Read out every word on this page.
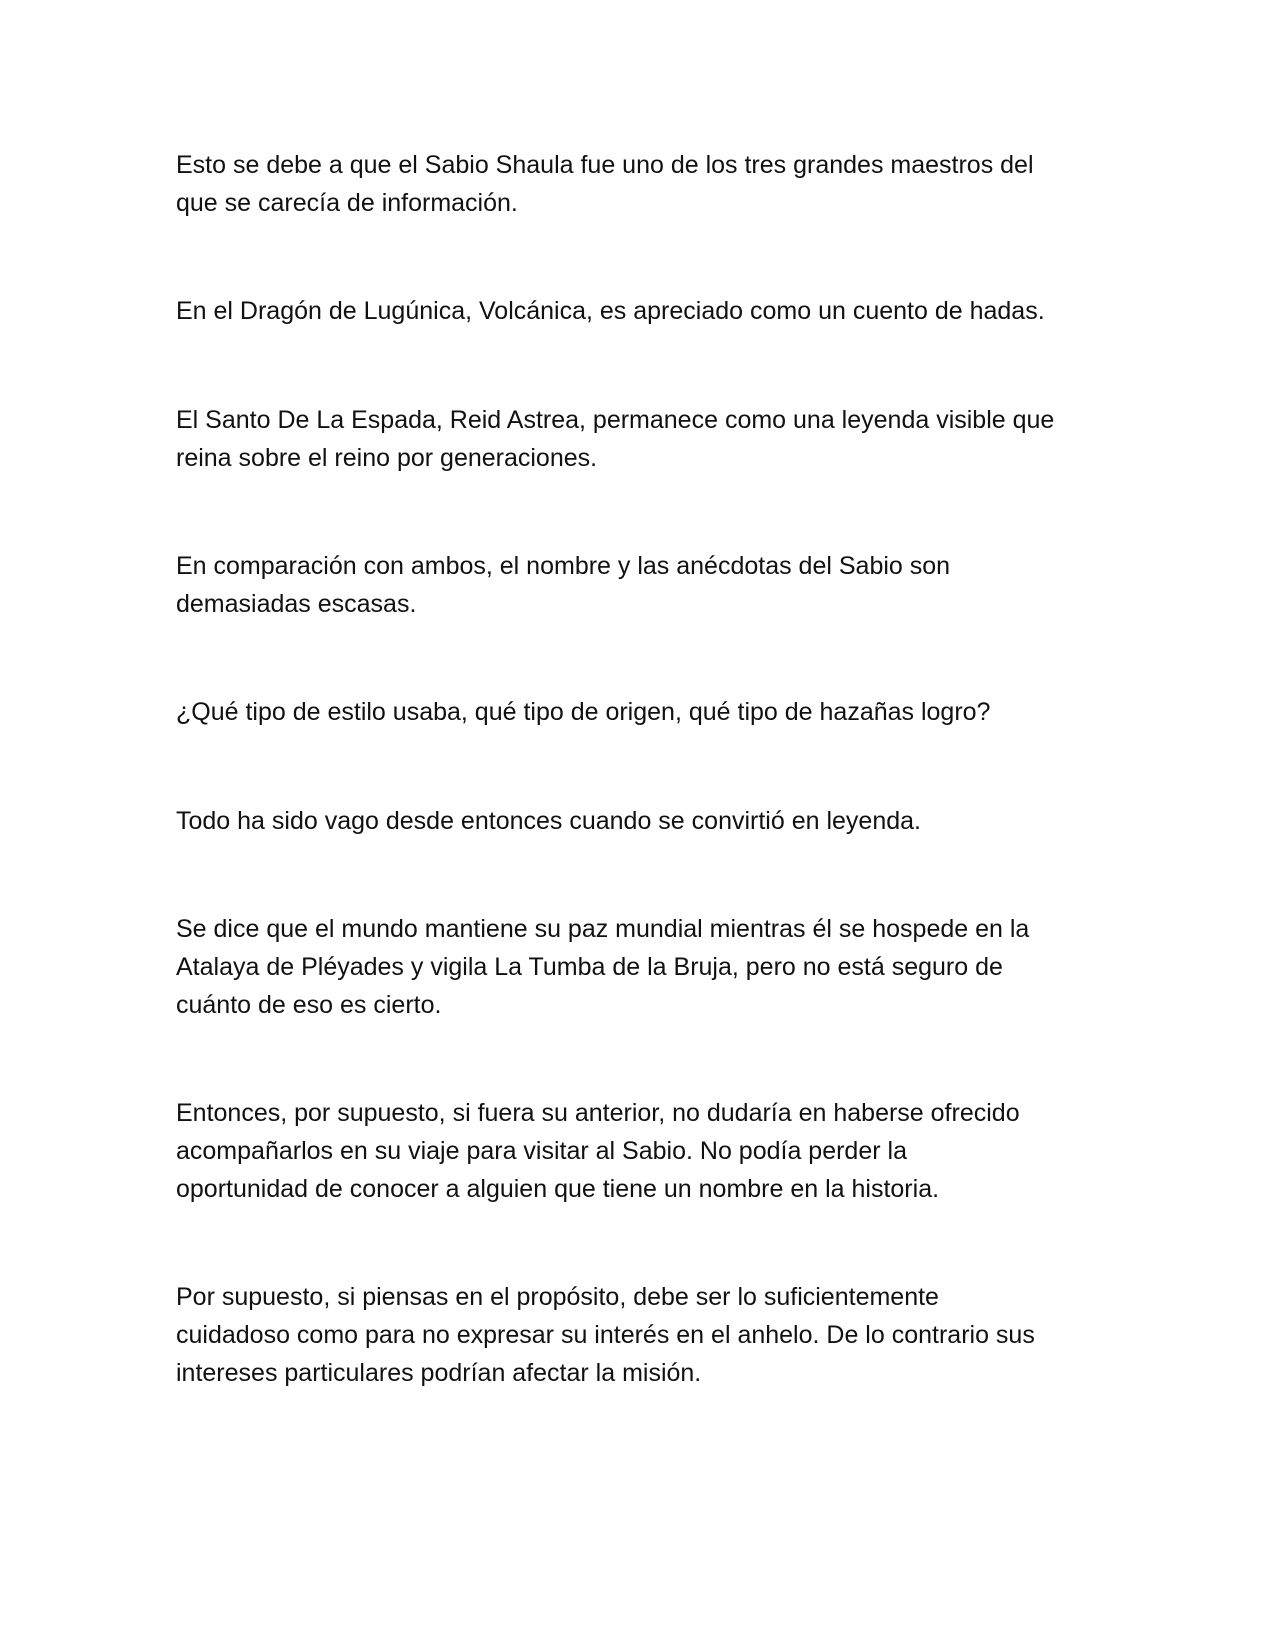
Esto se debe a que el Sabio Shaula fue uno de los tres grandes maestros del
que se carecía de información.

En el Dragón de Lugúnica, Volcánica, es apreciado como un cuento de hadas.

El Santo De La Espada, Reid Astrea, permanece como una leyenda visible que
reina sobre el reino por generaciones.

En comparación con ambos, el nombre y las anécdotas del Sabio son
demasiadas escasas.

¿Qué tipo de estilo usaba, qué tipo de origen, qué tipo de hazañas logro?

Todo ha sido vago desde entonces cuando se convirtió en leyenda.

Se dice que el mundo mantiene su paz mundial mientras él se hospede en la
Atalaya de Pléyades y vigila La Tumba de la Bruja, pero no está seguro de
cuánto de eso es cierto.

Entonces, por supuesto, si fuera su anterior, no dudaría en haberse ofrecido
acompañarlos en su viaje para visitar al Sabio. No podía perder la
oportunidad de conocer a alguien que tiene un nombre en la historia.

Por supuesto, si piensas en el propósito, debe ser lo suficientemente
cuidadoso como para no expresar su interés en el anhelo. De lo contrario sus
intereses particulares podrían afectar la misión.
